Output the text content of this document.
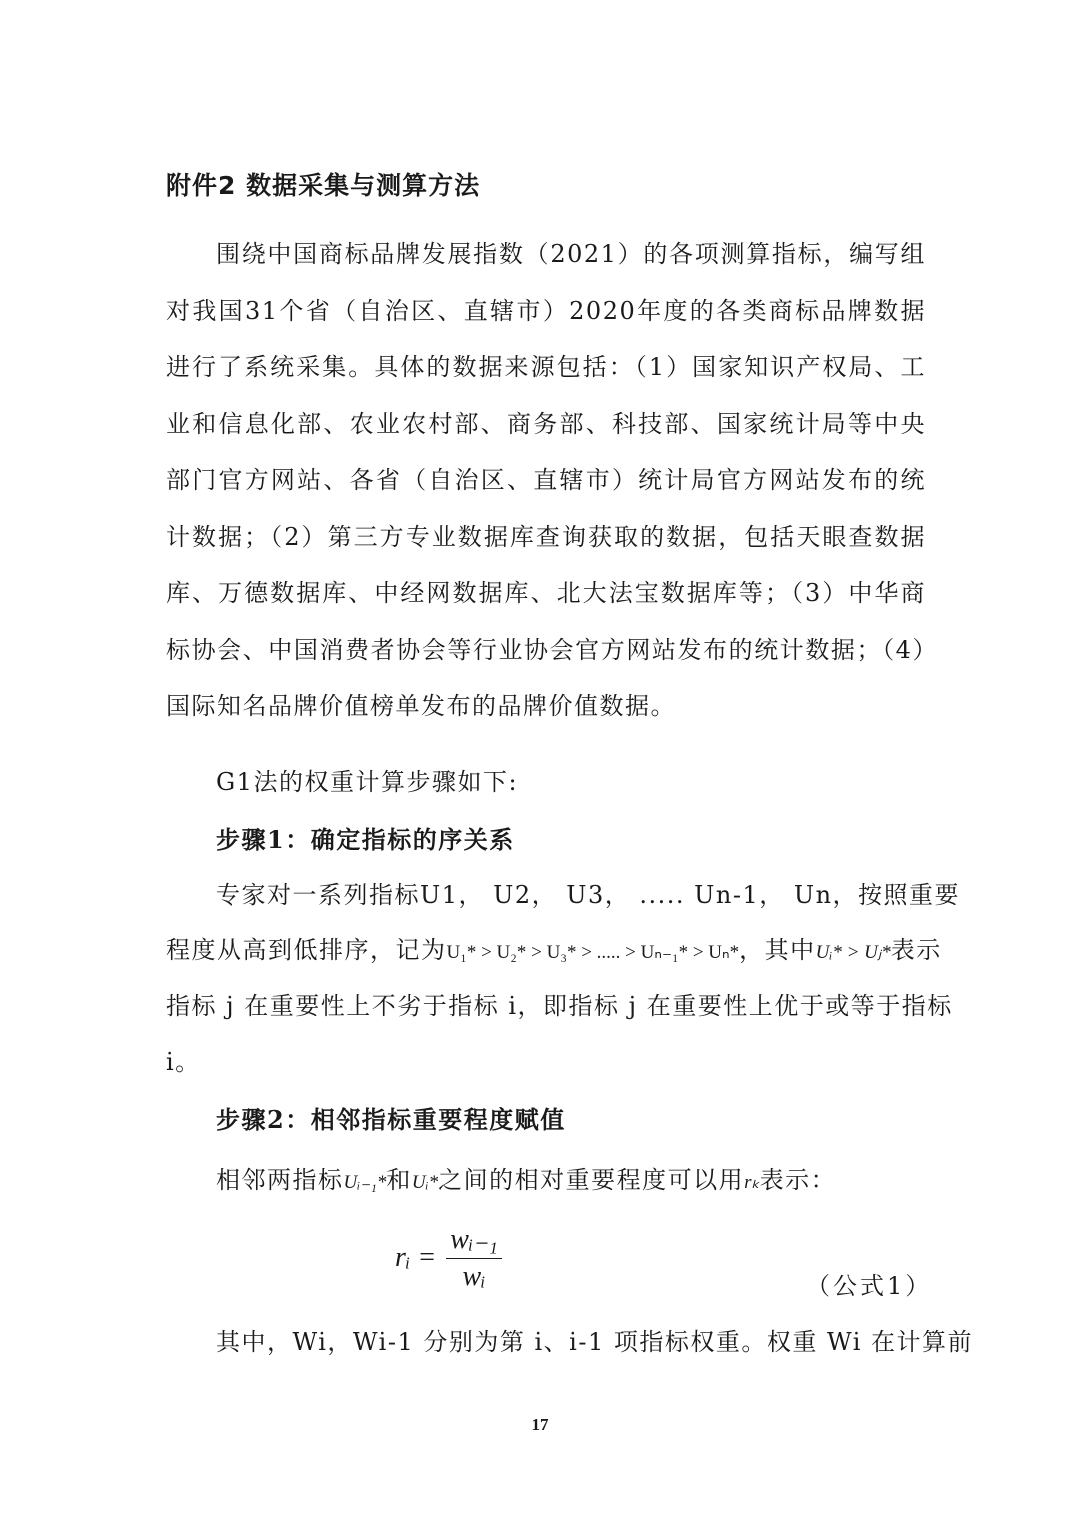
附件2 数据采集与测算方法

围绕中国商标品牌发展指数（2021）的各项测算指标，编写组对我国31个省（自治区、直辖市）2020年度的各类商标品牌数据进行了系统采集。具体的数据来源包括：（1）国家知识产权局、工业和信息化部、农业农村部、商务部、科技部、国家统计局等中央部门官方网站、各省（自治区、直辖市）统计局官方网站发布的统计数据；（2）第三方专业数据库查询获取的数据，包括天眼查数据库、万德数据库、中经网数据库、北大法宝数据库等；（3）中华商标协会、中国消费者协会等行业协会官方网站发布的统计数据；（4）国际知名品牌价值榜单发布的品牌价值数据。

G1法的权重计算步骤如下:

步骤1：确定指标的序关系

专家对一系列指标U1， U2， U3， ..... Un-1， Un，按照重要
程度从高到低排序，记为U₁* > U₂* > U₃* > ..... > Uₙ₋₁* > Uₙ*，其中Uᵢ* > Uⱼ*表示
指标 j 在重要性上不劣于指标 i，即指标 j 在重要性上优于或等于指标
i。

步骤2：相邻指标重要程度赋值

相邻两指标Uᵢ₋₁*和Uᵢ*之间的相对重要程度可以用rₖ表示：
rᵢ = $\frac{\text{wᵢ₋₁}}{\text{wᵢ}}$	（公式1）
其中，Wi，Wi-1 分别为第 i、i-1 项指标权重。权重 Wi 在计算前
17
